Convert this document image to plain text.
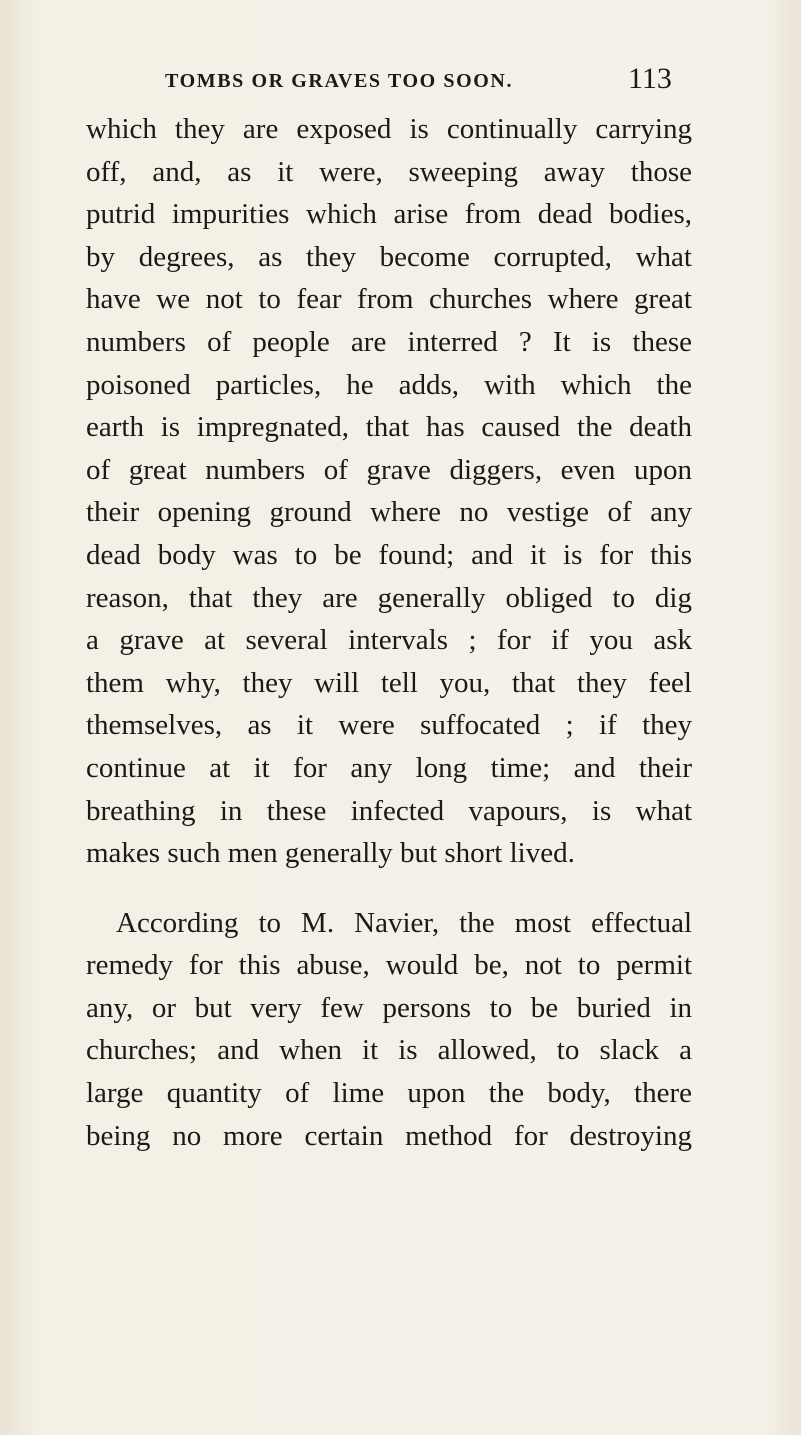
TOMBS OR GRAVES TOO SOON.	113
which they are exposed is continually carrying
off, and, as it were, sweeping away those
putrid impurities which arise from dead bodies,
by degrees, as they become corrupted, what
have we not to fear from churches where great
numbers of people are interred ? It is these
poisoned particles, he adds, with which the
earth is impregnated, that has caused the death
of great numbers of grave diggers, even upon
their opening ground where no vestige of any
dead body was to be found; and it is for this
reason, that they are generally obliged to dig
a grave at several intervals ; for if you ask
them why, they will tell you, that they feel
themselves, as it were suffocated ; if they
continue at it for any long time; and their
breathing in these infected vapours, is what
makes such men generally but short lived.
According to M. Navier, the most effectual
remedy for this abuse, would be, not to permit
any, or but very few persons to be buried in
churches; and when it is allowed, to slack a
large quantity of lime upon the body, there
being no more certain method for destroying
